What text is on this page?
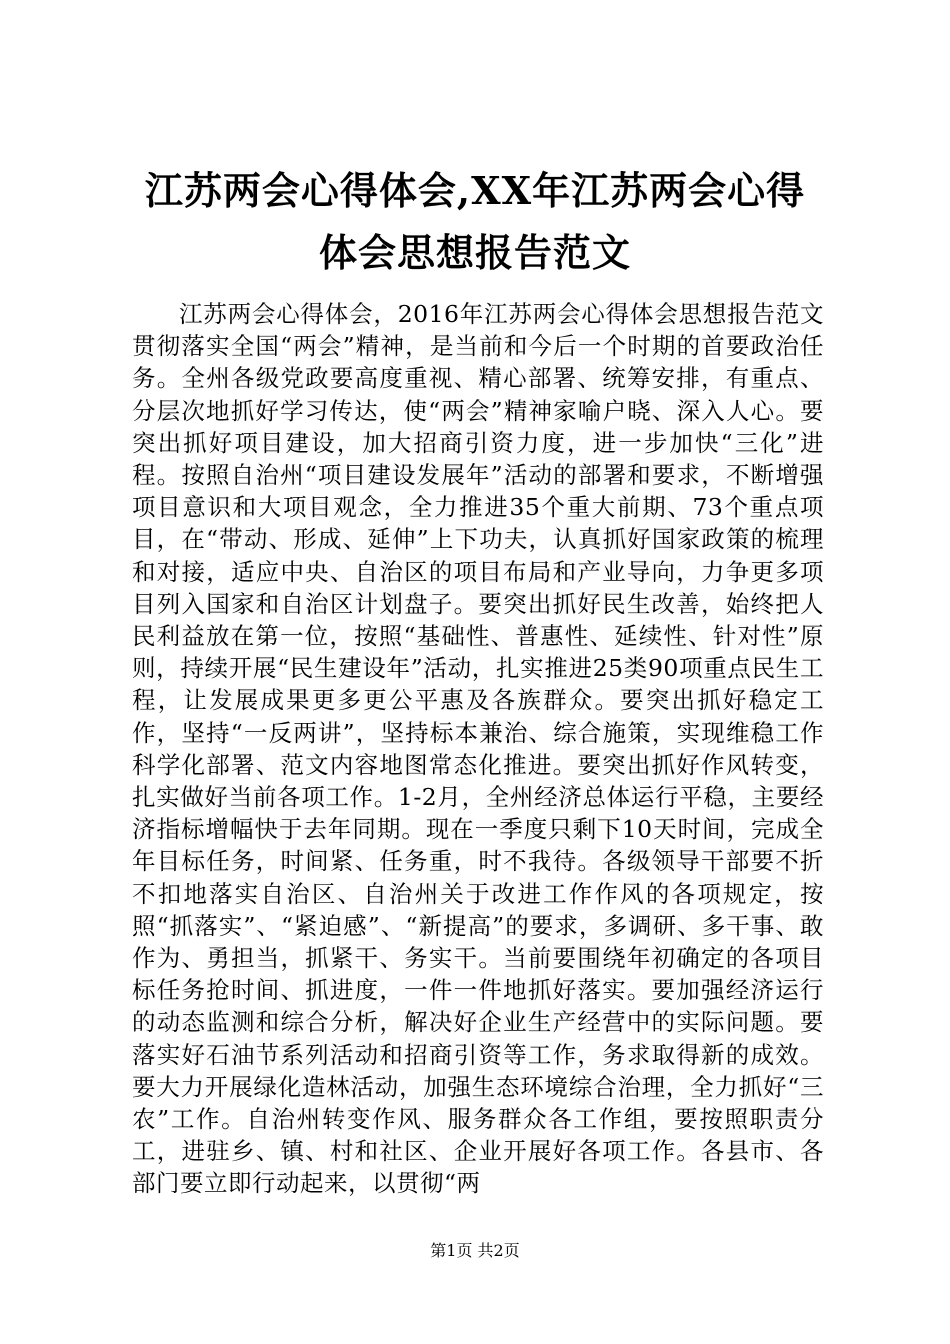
江苏两会心得体会,XX年江苏两会心得体会思想报告范文

江苏两会心得体会，2016年江苏两会心得体会思想报告范文贯彻落实全国“两会”精神，是当前和今后一个时期的首要政治任务。全州各级党政要高度重视、精心部署、统筹安排，有重点、分层次地抓好学习传达，使“两会”精神家喻户晓、深入人心。要突出抓好项目建设，加大招商引资力度，进一步加快“三化”进程。按照自治州“项目建设发展年”活动的部署和要求，不断增强项目意识和大项目观念，全力推进35个重大前期、73个重点项目，在“带动、形成、延伸”上下功夫，认真抓好国家政策的梳理和对接，适应中央、自治区的项目布局和产业导向，力争更多项目列入国家和自治区计划盘子。要突出抓好民生改善，始终把人民利益放在第一位，按照“基础性、普惠性、延续性、针对性”原则，持续开展“民生建设年”活动，扎实推进25类90项重点民生工程，让发展成果更多更公平惠及各族群众。要突出抓好稳定工作，坚持“一反两讲”，坚持标本兼治、综合施策，实现维稳工作科学化部署、范文内容地图常态化推进。要突出抓好作风转变，扎实做好当前各项工作。1-2月，全州经济总体运行平稳，主要经济指标增幅快于去年同期。现在一季度只剩下10天时间，完成全年目标任务，时间紧、任务重，时不我待。各级领导干部要不折不扣地落实自治区、自治州关于改进工作作风的各项规定，按照“抓落实”、“紧迫感”、“新提高”的要求，多调研、多干事、敢作为、勇担当，抓紧干、务实干。当前要围绕年初确定的各项目标任务抢时间、抓进度，一件一件地抓好落实。要加强经济运行的动态监测和综合分析，解决好企业生产经营中的实际问题。要落实好石油节系列活动和招商引资等工作，务求取得新的成效。要大力开展绿化造林活动，加强生态环境综合治理，全力抓好“三农”工作。自治州转变作风、服务群众各工作组，要按照职责分工，进驻乡、镇、村和社区、企业开展好各项工作。各县市、各部门要立即行动起来，以贯彻“两

第1页 共2页
